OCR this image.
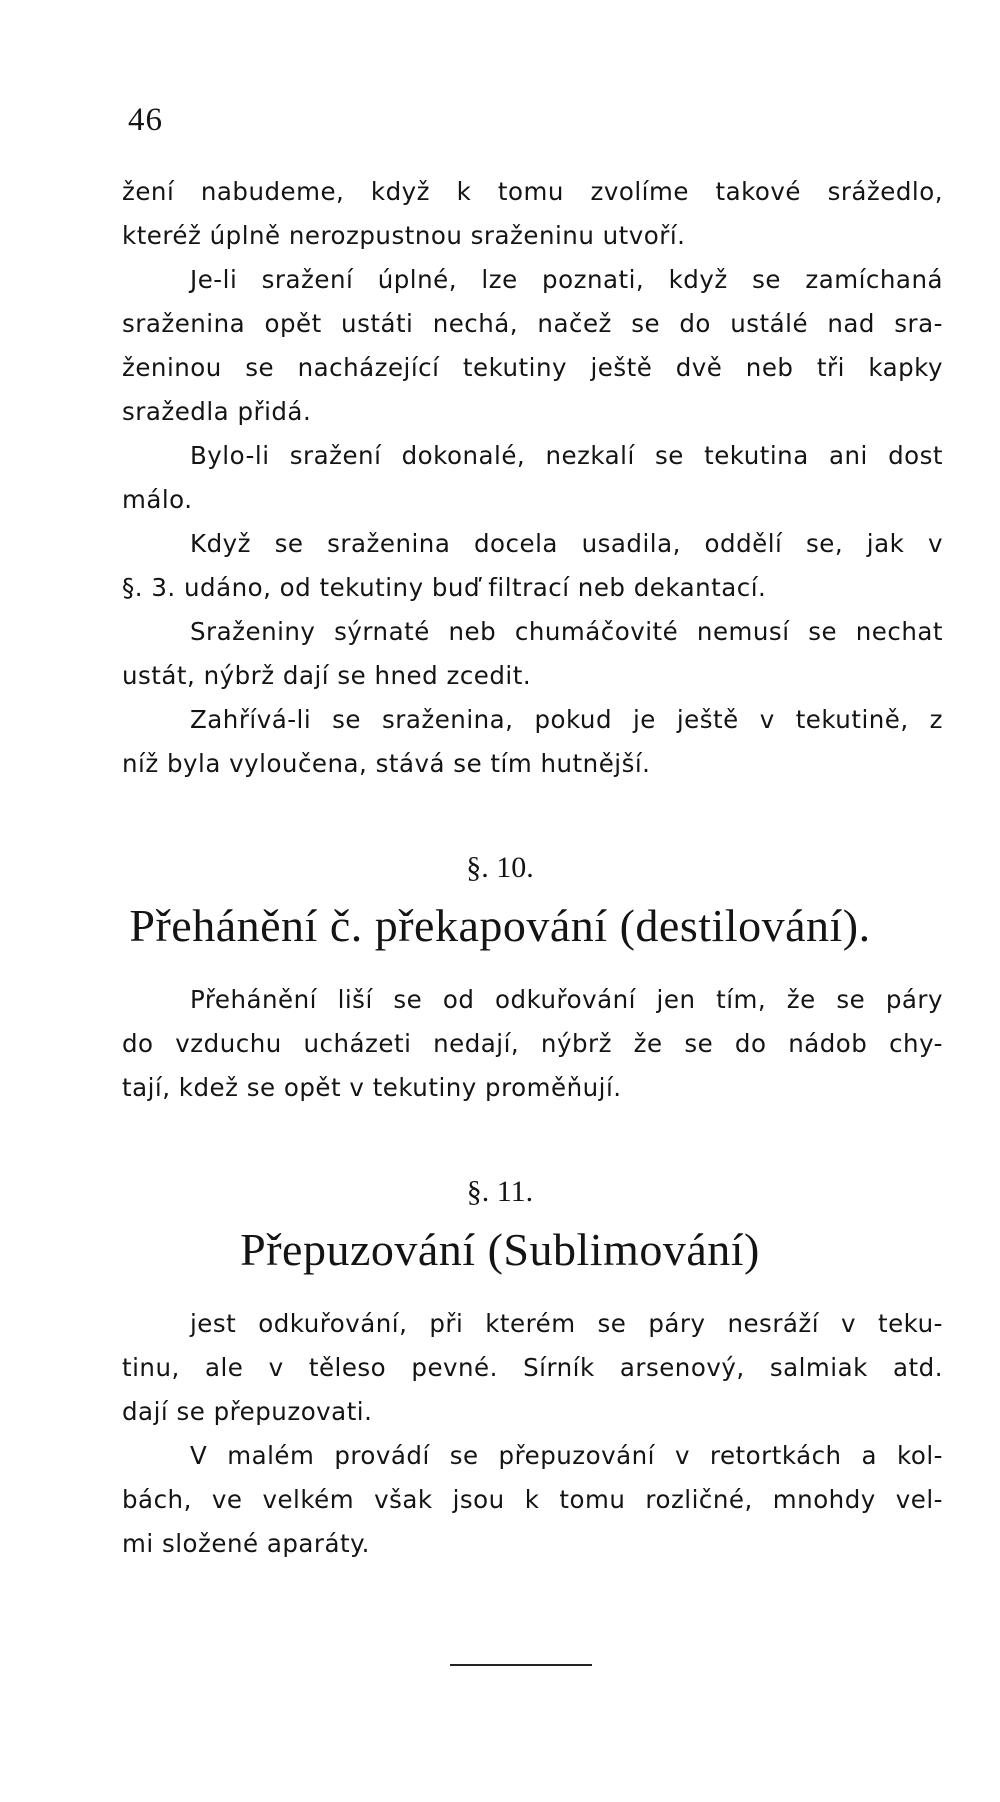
46
žení nabudeme, když k tomu zvolíme takové srážedlo,
kteréž úplně nerozpustnou sraženinu utvoří.
Je-li sražení úplné, lze poznati, když se zamíchaná
sraženina opět ustáti nechá, načež se do ustálé nad sra-
ženinou se nacházející tekutiny ještě dvě neb tři kapky
sražedla přidá.
Bylo-li sražení dokonalé, nezkalí se tekutina ani dost
málo.
Když se sraženina docela usadila, oddělí se, jak v
§. 3. udáno, od tekutiny buď filtrací neb dekantací.
Sraženiny sýrnaté neb chumáčovité nemusí se nechat
ustát, nýbrž dají se hned zcedit.
Zahřívá-li se sraženina, pokud je ještě v tekutině, z
níž byla vyloučena, stává se tím hutnější.
§. 10.
Přehánění č. překapování (destilování).
Přehánění liší se od odkuřování jen tím, že se páry
do vzduchu ucházeti nedají, nýbrž že se do nádob chy-
tají, kdež se opět v tekutiny proměňují.
§. 11.
Přepuzování (Sublimování)
jest odkuřování, při kterém se páry nesráží v teku-
tinu, ale v těleso pevné. Sírník arsenový, salmiak atd.
dají se přepuzovati.
V malém provádí se přepuzování v retortkách a kol-
bách, ve velkém však jsou k tomu rozličné, mnohdy vel-
mi složené aparáty.
